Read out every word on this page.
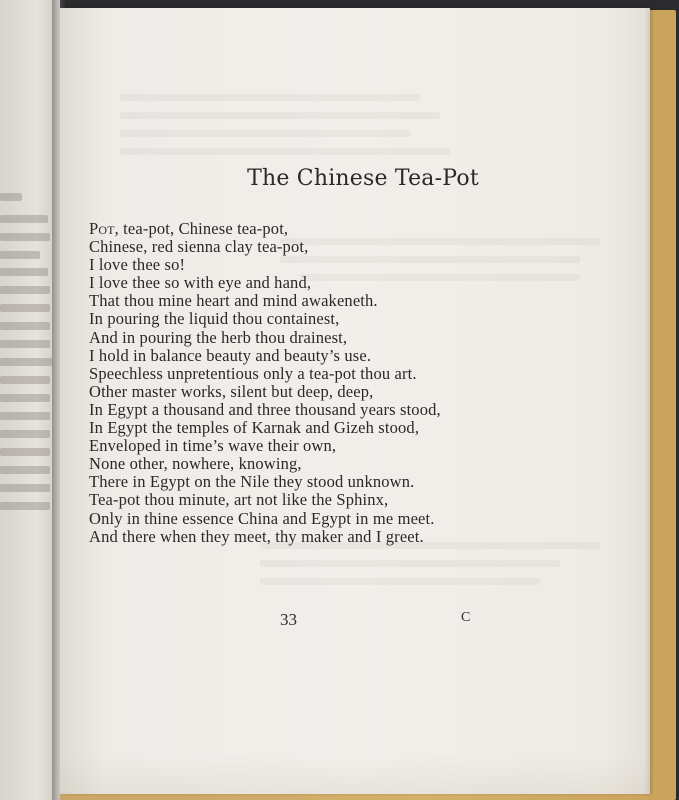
The Chinese Tea-Pot
Pot, tea-pot, Chinese tea-pot,
Chinese, red sienna clay tea-pot,
I love thee so!
I love thee so with eye and hand,
That thou mine heart and mind awakeneth.
In pouring the liquid thou containest,
And in pouring the herb thou drainest,
I hold in balance beauty and beauty’s use.
Speechless unpretentious only a tea-pot thou art.
Other master works, silent but deep, deep,
In Egypt a thousand and three thousand years stood,
In Egypt the temples of Karnak and Gizeh stood,
Enveloped in time’s wave their own,
None other, nowhere, knowing,
There in Egypt on the Nile they stood unknown.
Tea-pot thou minute, art not like the Sphinx,
Only in thine essence China and Egypt in me meet.
And there when they meet, thy maker and I greet.
33	C
